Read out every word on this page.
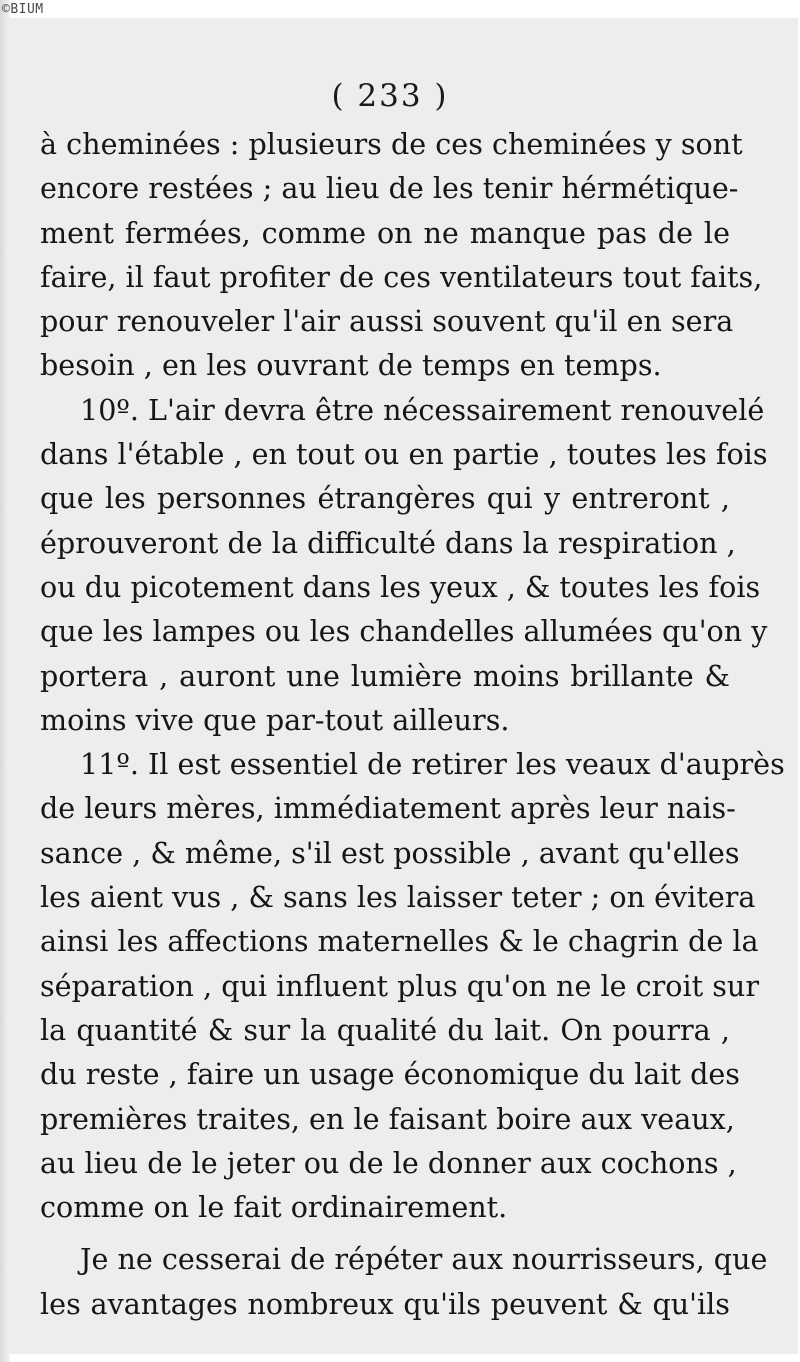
©BIUM
( 233 )
à cheminées : plusieurs de ces cheminées y sont
encore restées ; au lieu de les tenir hérmétique-
ment fermées, comme on ne manque pas de le
faire, il faut profiter de ces ventilateurs tout faits,
pour renouveler l'air aussi souvent qu'il en sera
besoin , en les ouvrant de temps en temps.
10º. L'air devra être nécessairement renouvelé
dans l'étable , en tout ou en partie , toutes les fois
que les personnes étrangères qui y entreront ,
éprouveront de la difficulté dans la respiration ,
ou du picotement dans les yeux , & toutes les fois
que les lampes ou les chandelles allumées qu'on y
portera , auront une lumière moins brillante &
moins vive que par-tout ailleurs.
11º. Il est essentiel de retirer les veaux d'auprès
de leurs mères, immédiatement après leur nais-
sance , & même, s'il est possible , avant qu'elles
les aient vus , & sans les laisser teter ; on évitera
ainsi les affections maternelles & le chagrin de la
séparation , qui influent plus qu'on ne le croit sur
la quantité & sur la qualité du lait. On pourra ,
du reste , faire un usage économique du lait des
premières traites, en le faisant boire aux veaux,
au lieu de le jeter ou de le donner aux cochons ,
comme on le fait ordinairement.
Je ne cesserai de répéter aux nourrisseurs, que
les avantages nombreux qu'ils peuvent & qu'ils
